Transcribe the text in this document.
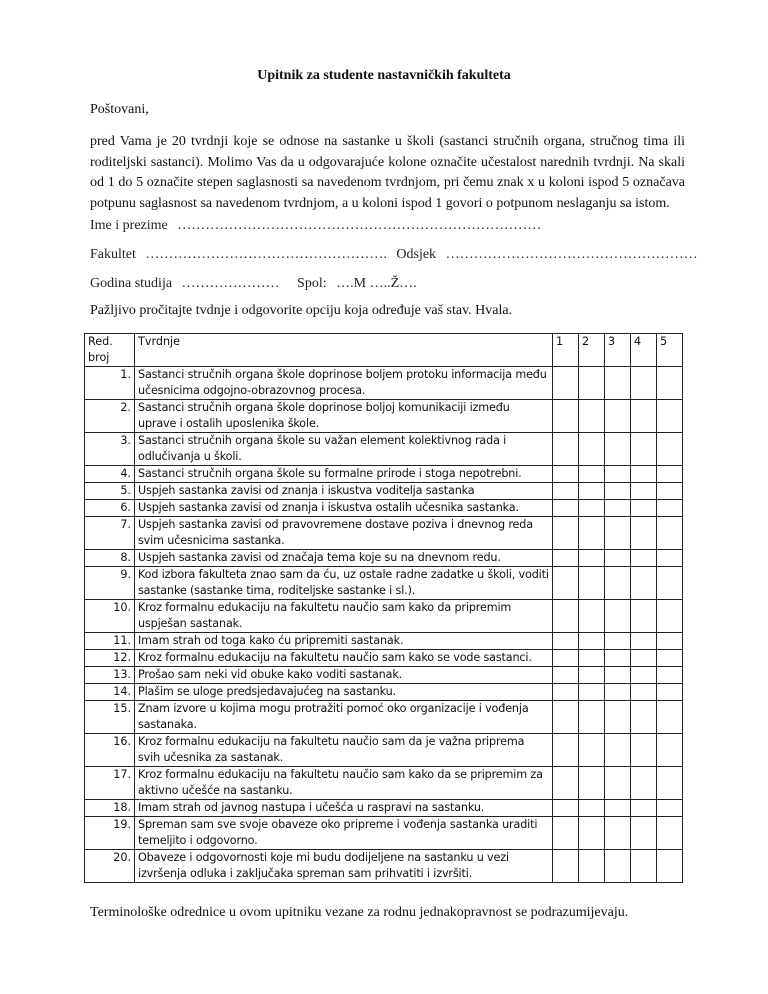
Upitnik za studente nastavničkih fakulteta
Poštovani,
pred Vama je 20 tvrdnji koje se odnose na sastanke u školi (sastanci stručnih organa, stručnog tima ili roditeljski sastanci). Molimo Vas da u odgovarajuće kolone označite učestalost narednih tvrdnji. Na skali od 1 do 5 označite stepen saglasnosti sa navedenom tvrdnjom, pri čemu znak x u koloni ispod 5 označava potpunu saglasnost sa navedenom tvrdnjom, a u koloni ispod 1 govori o potpunom neslaganju sa istom.
Ime i prezime ……………………………………………………………………
Fakultet ……………………………………………. Odsjek ………………………………………………
Godina studija ………………… Spol: ….M …..Ž….
Pažljivo pročitajte tvdnje i odgovorite opciju koja određuje vaš stav. Hvala.
Red. broj	Tvrdnje	1	2	3	4	5
1.	Sastanci stručnih organa škole doprinose boljem protoku informacija među učesnicima odgojno-obrazovnog procesa.					
2.	Sastanci stručnih organa škole doprinose boljoj komunikaciji između uprave i ostalih uposlenika škole.					
3.	Sastanci stručnih organa škole su važan element kolektivnog rada i odlučivanja u školi.					
4.	Sastanci stručnih organa škole su formalne prirode i stoga nepotrebni.					
5.	Uspjeh sastanka zavisi od znanja i iskustva voditelja sastanka					
6.	Uspjeh sastanka zavisi od znanja i iskustva ostalih učesnika sastanka.					
7.	Uspjeh sastanka zavisi od pravovremene dostave poziva i dnevnog reda svim učesnicima sastanka.					
8.	Uspjeh sastanka zavisi od značaja tema koje su na dnevnom redu.					
9.	Kod izbora fakulteta znao sam da ću, uz ostale radne zadatke u školi, voditi sastanke (sastanke tima, roditeljske sastanke i sl.).					
10.	Kroz formalnu edukaciju na fakultetu naučio sam kako da pripremim uspješan sastanak.					
11.	Imam strah od toga kako ću pripremiti sastanak.					
12.	Kroz formalnu edukaciju na fakultetu naučio sam kako se vode sastanci.					
13.	Prošao sam neki vid obuke kako voditi sastanak.					
14.	Plašim se uloge predsjedavajućeg na sastanku.					
15.	Znam izvore u kojima mogu protražiti pomoć oko organizacije i vođenja sastanaka.					
16.	Kroz formalnu edukaciju na fakultetu naučio sam da je važna priprema svih učesnika za sastanak.					
17.	Kroz formalnu edukaciju na fakultetu naučio sam kako da se pripremim za aktivno učešće na sastanku.					
18.	Imam strah od javnog nastupa i učešća u raspravi na sastanku.					
19.	Spreman sam sve svoje obaveze oko pripreme i vođenja sastanka uraditi temeljito i odgovorno.					
20.	Obaveze i odgovornosti koje mi budu dodijeljene na sastanku u vezi izvršenja odluka i zaključaka spreman sam prihvatiti i izvršiti.					
Terminološke odrednice u ovom upitniku vezane za rodnu jednakopravnost se podrazumijevaju.
